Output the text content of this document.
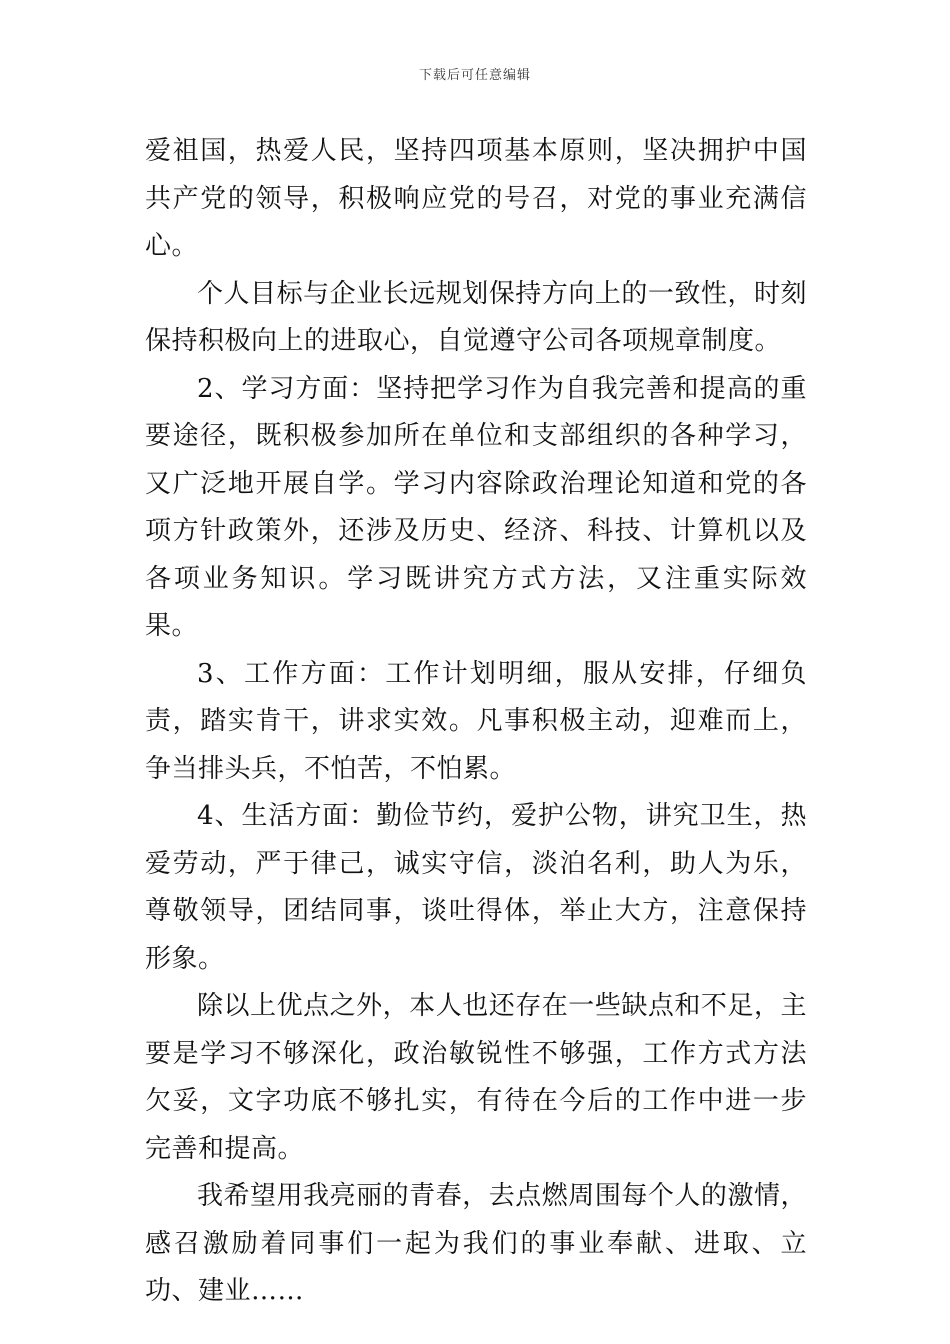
下载后可任意编辑

爱祖国，热爱人民，坚持四项基本原则，坚决拥护中国共产党的领导，积极响应党的号召，对党的事业充满信心。

个人目标与企业长远规划保持方向上的一致性，时刻保持积极向上的进取心，自觉遵守公司各项规章制度。

2、学习方面：坚持把学习作为自我完善和提高的重要途径，既积极参加所在单位和支部组织的各种学习，又广泛地开展自学。学习内容除政治理论知道和党的各项方针政策外，还涉及历史、经济、科技、计算机以及各项业务知识。学习既讲究方式方法，又注重实际效果。

3、工作方面：工作计划明细，服从安排，仔细负责，踏实肯干，讲求实效。凡事积极主动，迎难而上，争当排头兵，不怕苦，不怕累。

4、生活方面：勤俭节约，爱护公物，讲究卫生，热爱劳动，严于律己，诚实守信，淡泊名利，助人为乐，尊敬领导，团结同事，谈吐得体，举止大方，注意保持形象。

除以上优点之外，本人也还存在一些缺点和不足，主要是学习不够深化，政治敏锐性不够强，工作方式方法欠妥，文字功底不够扎实，有待在今后的工作中进一步完善和提高。

我希望用我亮丽的青春，去点燃周围每个人的激情，感召激励着同事们一起为我们的事业奉献、进取、立功、建业……
